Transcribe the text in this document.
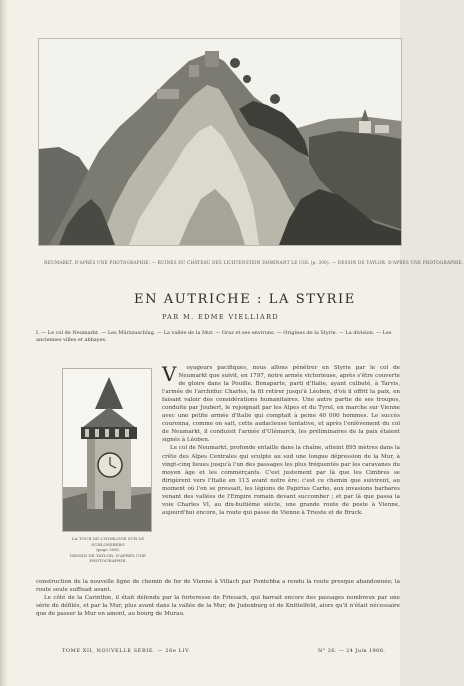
NEUMARKT, D'APRÈS UNE PHOTOGRAPHIE. — RUINES DU CHÂTEAU DES LICHTENSTEIN DOMINANT LE COL (p. 300). — DESSIN DE TAYLOR, D'APRÈS UNE PHOTOGRAPHIE.
EN AUTRICHE : LA STYRIE
PAR M. EDME VIELLIARD
I. — Le col de Neumarkt. — Les Mürzzuschlag. — La vallée de la Mur. — Graz et ses environs. — Origines de la Styrie. — La division. — Les anciennes villes et abbayes.
LA TOUR DE L'HORLOGE SUR LE SCHLOSSBERG
(page 306).
DESSIN DE TAYLOR, D'APRÈS UNE PHOTOGRAPHIE.

V oyageurs pacifiques, nous allons pénétrer en Styrie par le col de Neumarkt que suivit, en 1797, notre armée victorieuse, après s'être couverte de gloire dans la Pouille. Bonaparte, parti d'Italie, ayant culbuté, à Tarvis, l'armée de l'archiduc Charles, la fit retirer jusqu'à Léoben, d'où il offrit la paix, en faisant valoir des considérations humanitaires. Une autre partie de ses troupes, conduite par Joubert, le rejoignait par les Alpes et du Tyrol, en marche sur Vienne avec une petite armée d'Italie qui comptait à peine 40 000 hommes. Le succès couronna, comme on sait, cette audacieuse tentative, et après l'enlèvement du col de Neumarkt, il conduisit l'armée d'Ulémarck, les préliminaires de la paix étaient signés à Léoben.

Le col de Neumarkt, profonde entaille dans la chaîne, atteint 895 mètres dans la crête des Alpes Centrales qui sculpte au sud une longue dépression de la Mur, à vingt-cinq lieues jusqu'à l'un des passages les plus fréquentés par les caravanes du moyen âge et les commerçants. C'est justement par là que les Cimbres se dirigèrent vers l'Italie en 113 avant notre ère; c'est ce chemin que suivirent, au moment où l'on se pressait, les légions de Papirius Carbo, aux invasions barbares venant des vallées de l'Empire romain devant succomber ; et par là que passa la voie Charles VI, au dix-huitième siècle, une grande route de poste à Vienne, aujourd'hui encore, la route qui passe de Vienne à Trieste et de Bruck.

construction de la nouvelle ligne de chemin de fer de Vienne à Villach par Pontebba a rendu la route presque abandonnée; la route seule suffisait avant.

Le côté de la Carinthie, il était défendu par la forteresse de Friesach, qui barrait encore des passages nombreux par une série de défilés, et par la Mur, plus avant dans la vallée de la Mur, de Judenburg et de Knittelfeld, alors qu'il n'était nécessaire que de passer la Mur en amont, au bourg de Murau.

TOME XII, NOUVELLE SÉRIE. — 26e LIV.	N° 26. — 24 Juin 1906.
